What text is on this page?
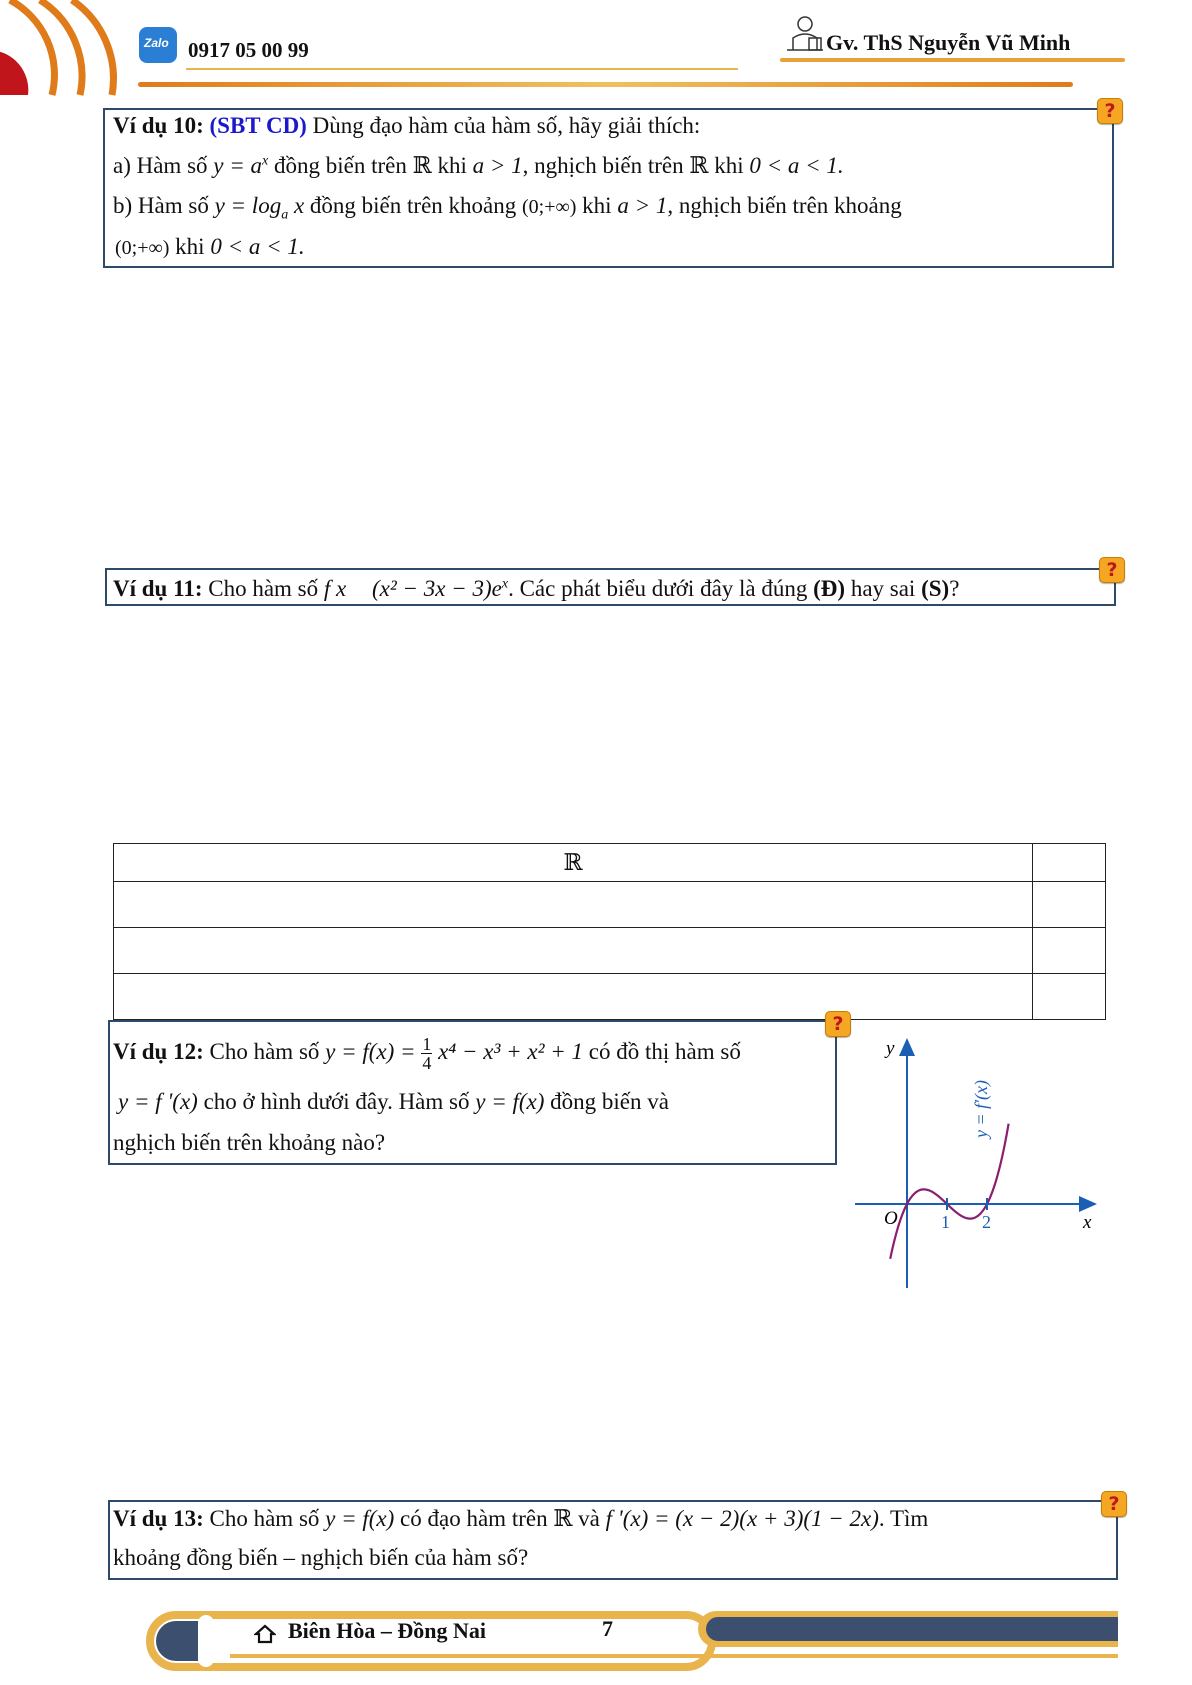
Zalo 0917 05 00 99	Gv. ThS Nguyễn Vũ Minh
?
Ví dụ 10: (SBT CD) Dùng đạo hàm của hàm số, hãy giải thích:
a) Hàm số $y = a^x$ đồng biến trên ℝ khi a > 1, nghịch biến trên ℝ khi 0 < a < 1.
b) Hàm số $y = \log_a x$ đồng biến trên khoảng (0;+∞) khi a > 1, nghịch biến trên khoảng
(0;+∞) khi 0 < a < 1.
?
Ví dụ 11: Cho hàm số f x $(x^2 - 3x - 3)e^x$. Các phát biểu dưới đây là đúng (Đ) hay sai (S)?
ℝ	

?
Ví dụ 12: Cho hàm số $y = f(x) = \frac{1}{4} x^4 - x^3 + x^2 + 1$ có đồ thị hàm số
y = f '(x) cho ở hình dưới đây. Hàm số y = f(x) đồng biến và
nghịch biến trên khoảng nào?
O 1 2	x
y
y = f'(x)
?
Ví dụ 13: Cho hàm số y = f(x) có đạo hàm trên ℝ và f '(x) = (x − 2)(x + 3)(1 − 2x). Tìm
khoảng đồng biến – nghịch biến của hàm số?
Biên Hòa – Đồng Nai	7
